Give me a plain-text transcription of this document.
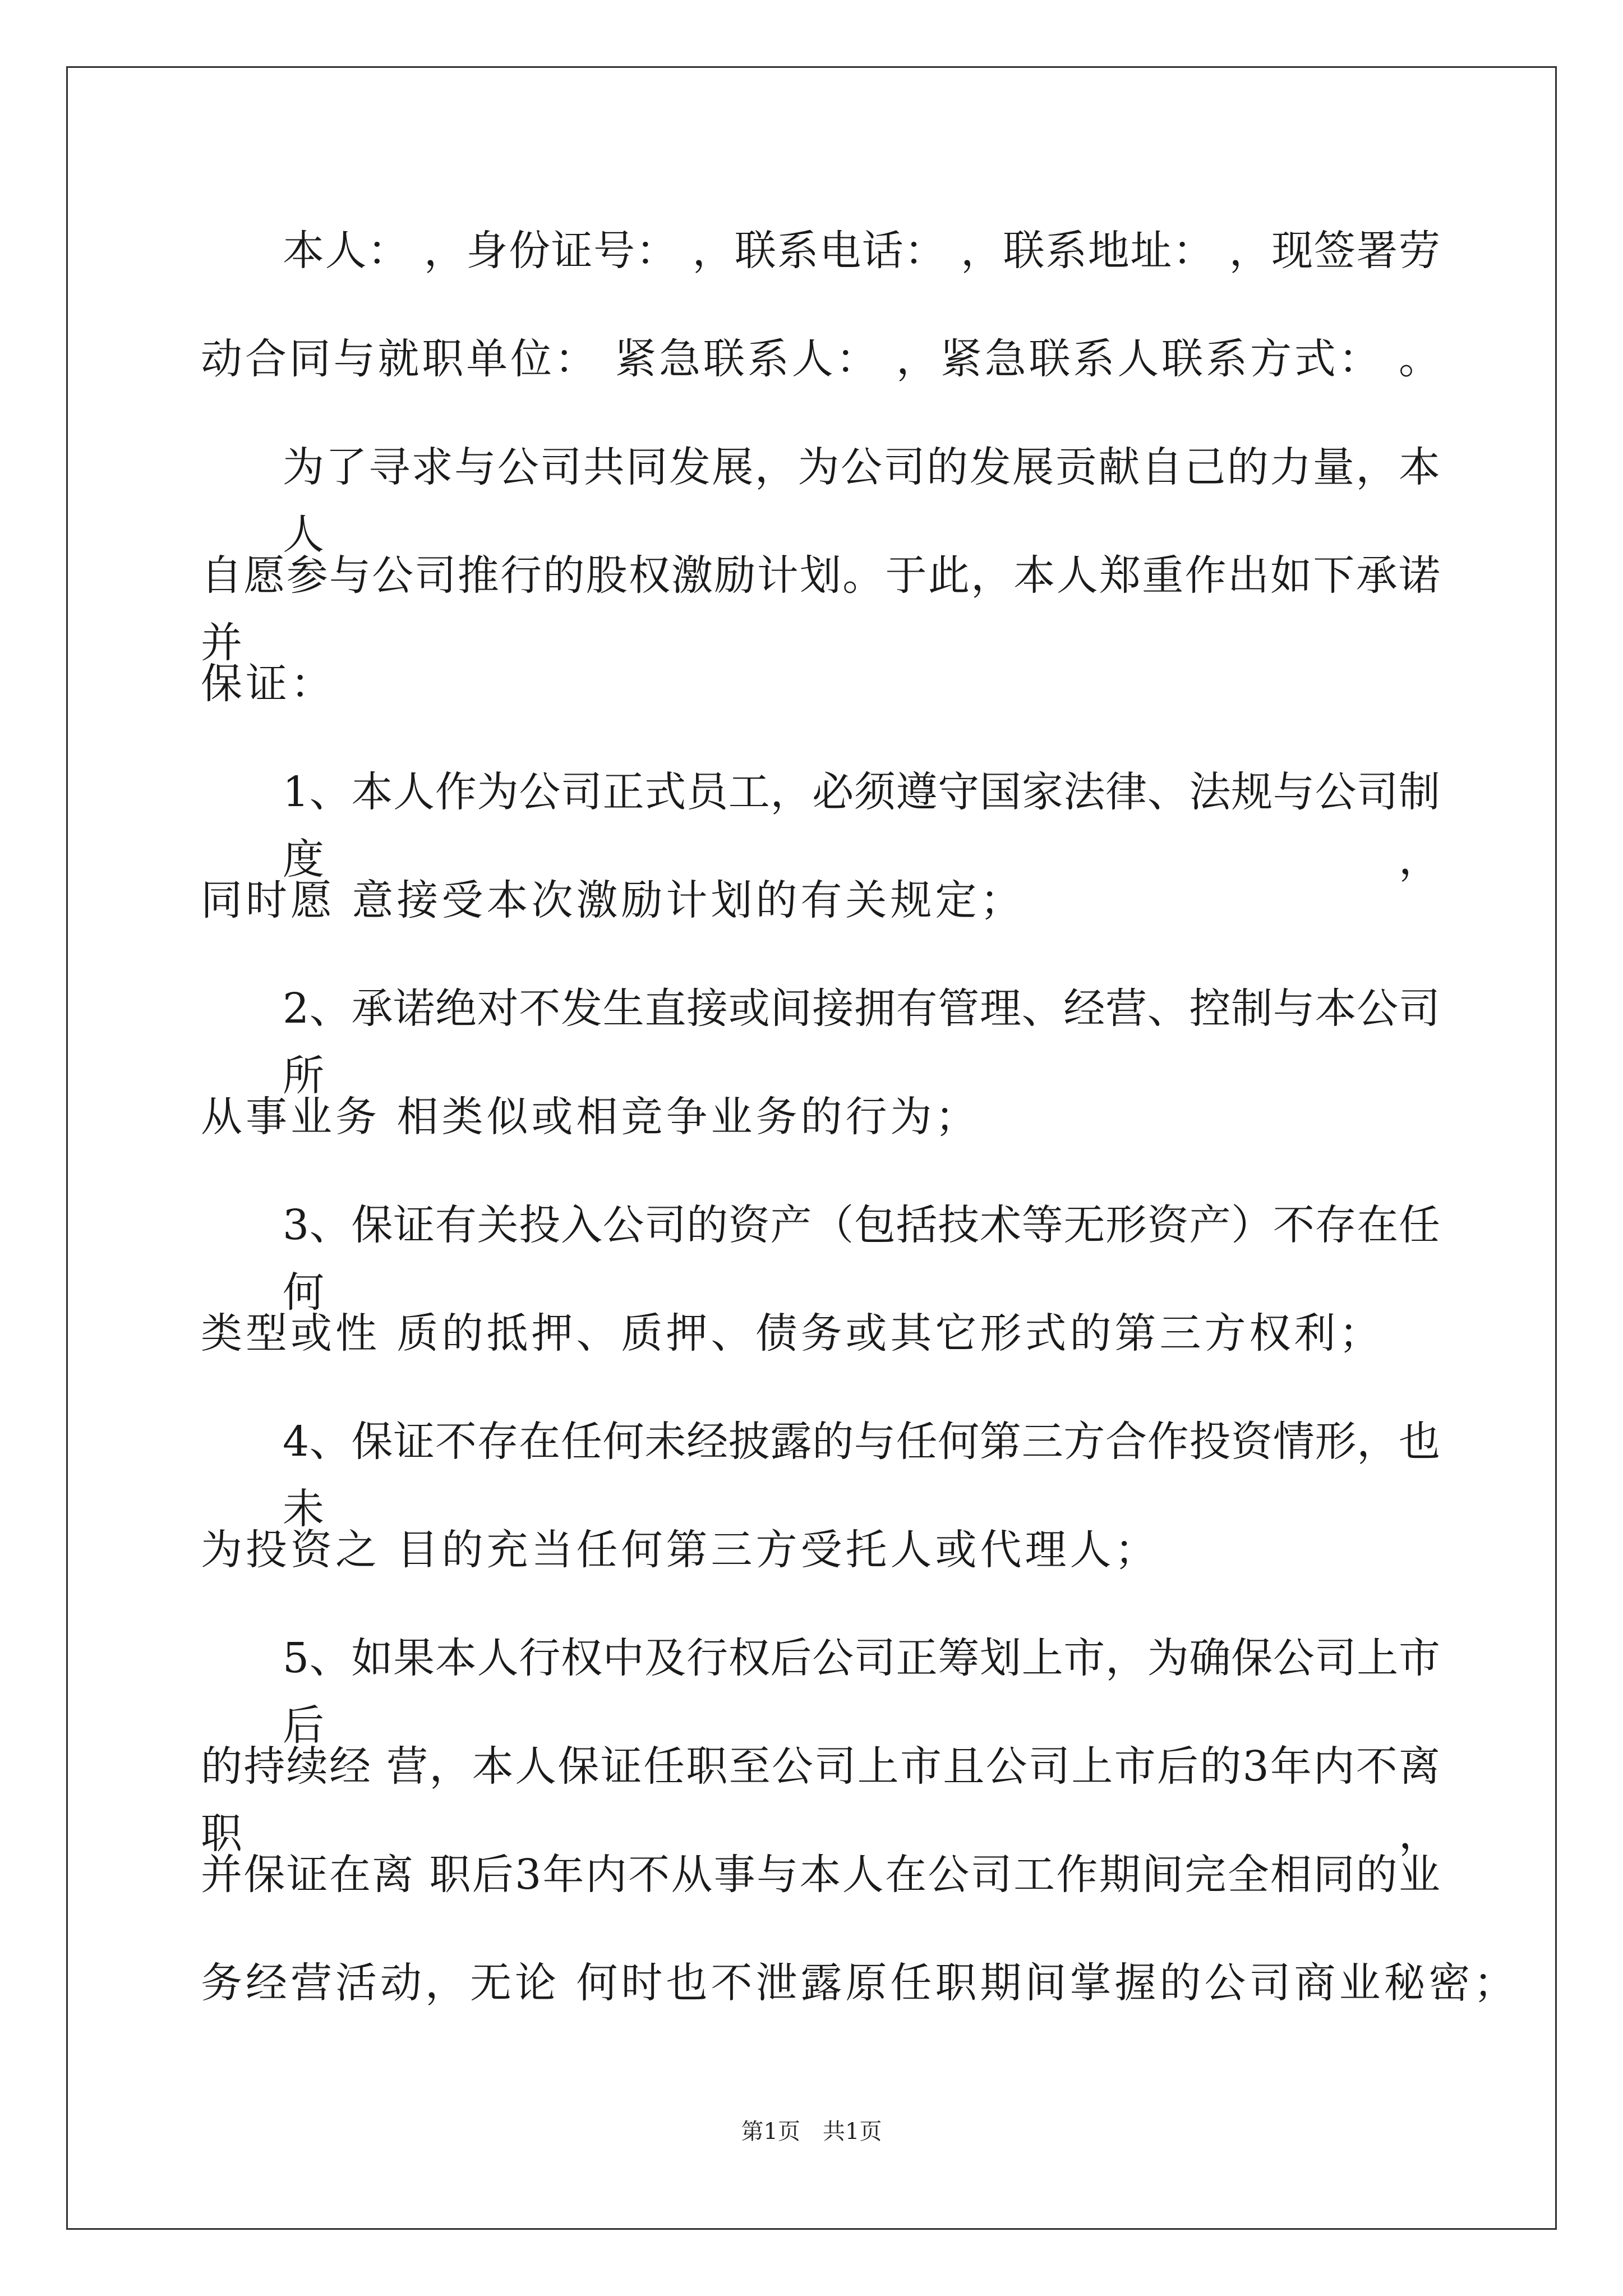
本人： ，身份证号： ，联系电话： ，联系地址： ，现签署劳
动合同与就职单位： 紧急联系人： ，紧急联系人联系方式： 。
为了寻求与公司共同发展，为公司的发展贡献自己的力量，本人
自愿参与公司推行的股权激励计划。于此，本人郑重作出如下承诺并
保证：
1、本人作为公司正式员工，必须遵守国家法律、法规与公司制度，
同时愿 意接受本次激励计划的有关规定；
2、承诺绝对不发生直接或间接拥有管理、经营、控制与本公司所
从事业务 相类似或相竞争业务的行为；
3、保证有关投入公司的资产（包括技术等无形资产）不存在任何
类型或性 质的抵押、质押、债务或其它形式的第三方权利；
4、保证不存在任何未经披露的与任何第三方合作投资情形，也未
为投资之 目的充当任何第三方受托人或代理人；
5、如果本人行权中及行权后公司正筹划上市，为确保公司上市后
的持续经 营，本人保证任职至公司上市且公司上市后的3年内不离职，
并保证在离 职后3年内不从事与本人在公司工作期间完全相同的业
务经营活动，无论 何时也不泄露原任职期间掌握的公司商业秘密；
第1页　共1页
